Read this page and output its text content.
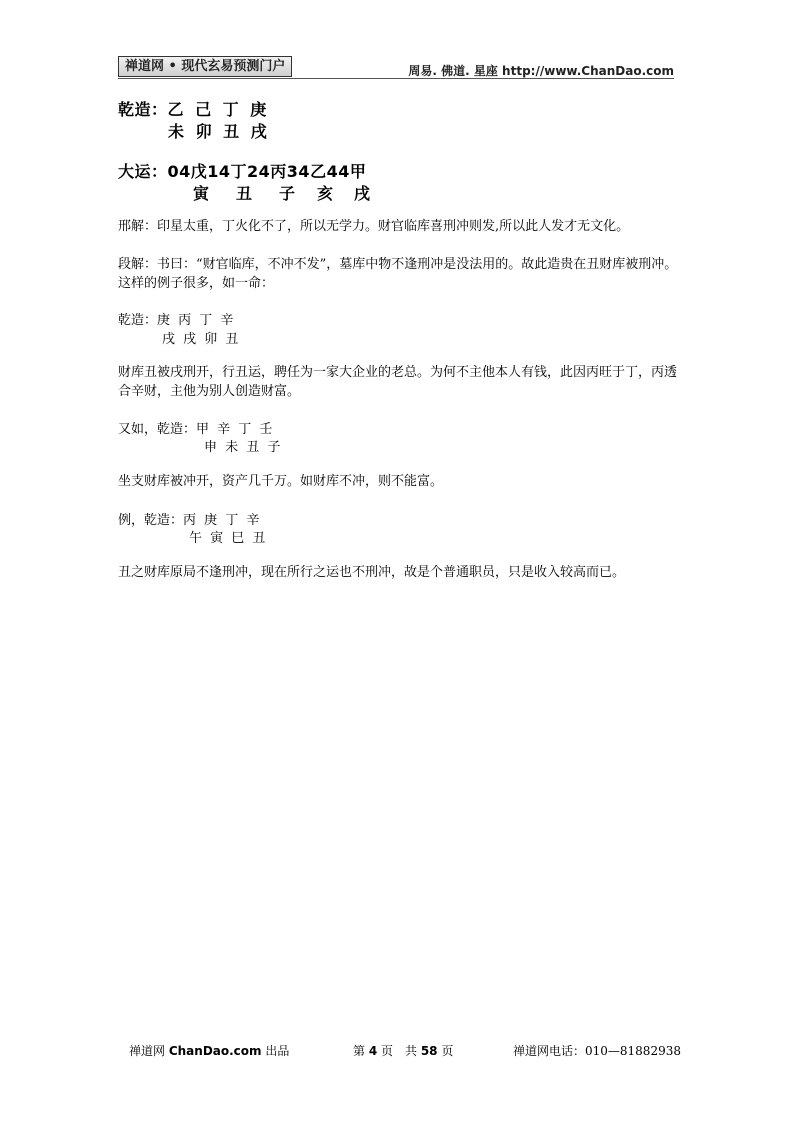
禅道网 • 现代玄易预测门户	周易. 佛道. 星座 http://www.ChanDao.com
乾造：乙 己 丁 庚
未 卯 丑 戌
大运：04戊14丁24丙34乙44甲
寅 丑 子 亥 戌
邢解：印星太重，丁火化不了，所以无学力。财官临库喜刑冲则发,所以此人发才无文化。
段解：书曰：“财官临库，不冲不发”，墓库中物不逢刑冲是没法用的。故此造贵在丑财库被刑冲。这样的例子很多，如一命：
乾造：庚 丙 丁 辛
戌 戌 卯 丑
财库丑被戌刑开，行丑运，聘任为一家大企业的老总。为何不主他本人有钱，此因丙旺于丁，丙透合辛财，主他为别人创造财富。
又如，乾造：甲 辛 丁 壬
申 未 丑 子
坐支财库被冲开，资产几千万。如财库不冲，则不能富。
例，乾造：丙 庚 丁 辛
午 寅 巳 丑
丑之财库原局不逢刑冲，现在所行之运也不刑冲，故是个普通职员，只是收入较高而已。
禅道网 ChanDao.com 出品	第 4 页　共 58 页	禅道网电话：010—81882938
